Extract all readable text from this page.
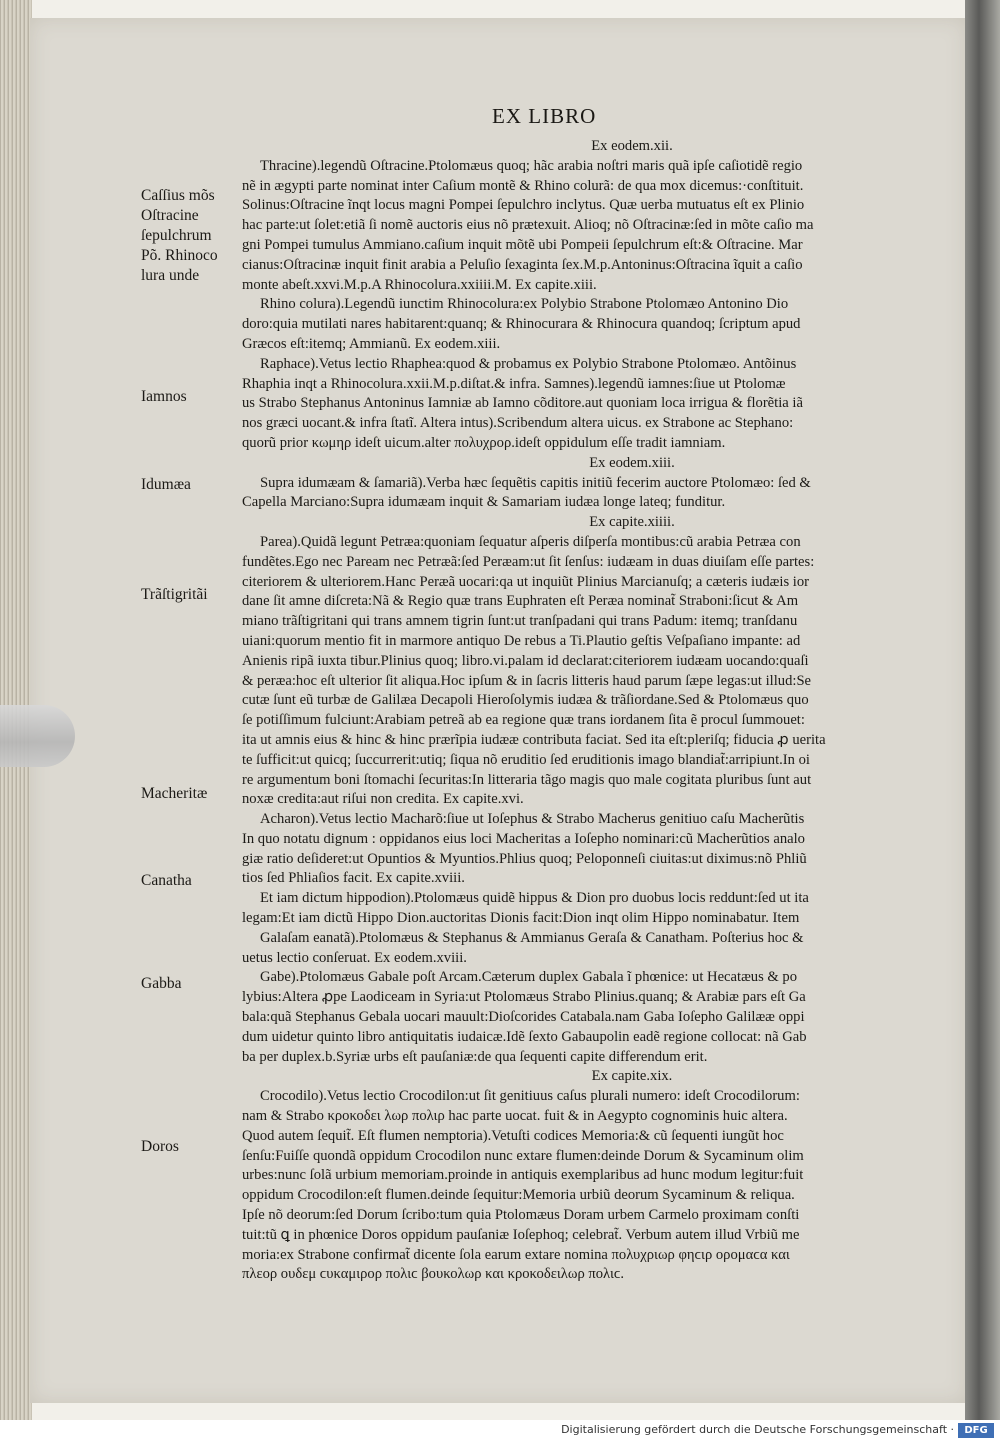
EX LIBRO

Ex eodem.xii.

Thracine).legendũ Oſtracine.Ptolomæus quoq; hãc arabia noſtri maris quã ipſe caſiotidẽ regio

nẽ in ægypti parte nominat inter Caſium montẽ & Rhino colurã: de qua mox dicemus:·conſtituit.

Solinus:Oſtracine ĩnqt locus magni Pompei ſepulchro inclytus. Quæ uerba mutuatus eſt ex Plinio

hac parte:ut ſolet:etiã ſi nomẽ auctoris eius nõ prætexuit. Alioq; nõ Oſtracinæ:ſed in mõte caſio ma

gni Pompei tumulus Ammiano.caſium inquit mõtẽ ubi Pompeii ſepulchrum eſt:& Oſtracine. Mar

cianus:Oſtracinæ inquit finit arabia a Peluſio ſexaginta ſex.M.p.Antoninus:Oſtracina ĩquit a caſio

monte abeſt.xxvi.M.p.A Rhinocolura.xxiiii.M. Ex capite.xiii.

Rhino colura).Legendũ iunctim Rhinocolura:ex Polybio Strabone Ptolomæo Antonino Dio

doro:quia mutilati nares habitarent:quanq; & Rhinocurara & Rhinocura quandoq; ſcriptum apud

Græcos eſt:itemq; Ammianũ. Ex eodem.xiii.

Raphace).Vetus lectio Rhaphea:quod & probamus ex Polybio Strabone Ptolomæo. Antõinus

Rhaphia inqt a Rhinocolura.xxii.M.p.diſtat.& infra. Samnes).legendũ iamnes:ſiue ut Ptolomæ

us Strabo Stephanus Antoninus Iamniæ ab Iamno cõditore.aut quoniam loca irrigua & florẽtia iã

nos græci uocant.& infra ſtatĩ. Altera intus).Scribendum altera uicus. ex Strabone ac Stephano:

quorũ prior κωμηρ ideſt uicum.alter πολυχρορ.ideſt oppidulum eſſe tradit iamniam.

Ex eodem.xiii.

Supra idumæam & ſamariã).Verba hæc ſequẽtis capitis initiũ fecerim auctore Ptolomæo: ſed &

Capella Marciano:Supra idumæam inquit & Samariam iudæa longe lateq; funditur.

Ex capite.xiiii.

Parea).Quidã legunt Petræa:quoniam ſequatur aſperis diſperſa montibus:cũ arabia Petræa con

fundẽtes.Ego nec Paream nec Petræã:ſed Peræam:ut ſit ſenſus: iudæam in duas diuiſam eſſe partes:

citeriorem & ulteriorem.Hanc Peræã uocari:qa ut inquiũt Plinius Marcianuſq; a cæteris iudæis ior

dane ſit amne diſcreta:Nã & Regio quæ trans Euphraten eſt Peræa nominat̃ Straboni:ſicut & Am

miano trãſtigritani qui trans amnem tigrin ſunt:ut tranſpadani qui trans Padum: itemq; tranſdanu

uiani:quorum mentio fit in marmore antiquo De rebus a Ti.Plautio geſtis Veſpaſiano impante: ad

Anienis ripã iuxta tibur.Plinius quoq; libro.vi.palam id declarat:citeriorem iudæam uocando:quaſi

& peræa:hoc eſt ulterior ſit aliqua.Hoc ipſum & in ſacris litteris haud parum ſæpe legas:ut illud:Se

cutæ ſunt eũ turbæ de Galilæa Decapoli Hieroſolymis iudæa & trãſiordane.Sed & Ptolomæus quo

ſe potiſſimum fulciunt:Arabiam petreã ab ea regione quæ trans iordanem ſita ẽ procul ſummouet:

ita ut amnis eius & hinc & hinc prærĩpia iudææ contributa faciat. Sed ita eſt:pleriſq; fiducia ꝓ uerita

te ſufficit:ut quicq; ſuccurrerit:utiq; ſiqua nõ eruditio ſed eruditionis imago blandiat̃:arripiunt.In oi

re argumentum boni ſtomachi ſecuritas:In litteraria tãgo magis quo male cogitata pluribus ſunt aut

noxæ credita:aut riſui non credita. Ex capite.xvi.

Acharon).Vetus lectio Macharõ:ſiue ut Ioſephus & Strabo Macherus genitiuo caſu Macherũtis

In quo notatu dignum : oppidanos eius loci Macheritas a Ioſepho nominari:cũ Macherũtios analo

giæ ratio deſideret:ut Opuntios & Myuntios.Phlius quoq; Peloponneſi ciuitas:ut diximus:nõ Phliũ

tios ſed Phliaſios facit. Ex capite.xviii.

Et iam dictum hippodion).Ptolomæus quidẽ hippus & Dion pro duobus locis reddunt:ſed ut ita

legam:Et iam dictũ Hippo Dion.auctoritas Dionis facit:Dion inqt olim Hippo nominabatur. Item

Galaſam eanatã).Ptolomæus & Stephanus & Ammianus Geraſa & Canatham. Poſterius hoc &

uetus lectio conſeruat. Ex eodem.xviii.

Gabe).Ptolomæus Gabale poſt Arcam.Cæterum duplex Gabala ĩ phœnice: ut Hecatæus & po

lybius:Altera ꝓpe Laodiceam in Syria:ut Ptolomæus Strabo Plinius.quanq; & Arabiæ pars eſt Ga

bala:quã Stephanus Gebala uocari mauult:Dioſcorides Catabala.nam Gaba Ioſepho Galilææ oppi

dum uidetur quinto libro antiquitatis iudaicæ.Idẽ ſexto Gabaupolin eadẽ regione collocat: nã Gab

ba per duplex.b.Syriæ urbs eſt pauſaniæ:de qua ſequenti capite differendum erit.

Ex capite.xix.

Crocodilo).Vetus lectio Crocodilon:ut ſit genitiuus caſus plurali numero: ideſt Crocodilorum:

nam & Strabo κροκοδει λωρ πολιρ hac parte uocat. fuit & in Aegypto cognominis huic altera.

Quod autem ſequit̃. Eſt flumen nemptoria).Vetuſti codices Memoria:& cũ ſequenti iungũt hoc

ſenſu:Fuiſſe quondã oppidum Crocodilon nunc extare flumen:deinde Dorum & Sycaminum olim

urbes:nunc ſolã urbium memoriam.proinde in antiquis exemplaribus ad hunc modum legitur:fuit

oppidum Crocodilon:eſt flumen.deinde ſequitur:Memoria urbiũ deorum Sycaminum & reliqua.

Ipſe nõ deorum:ſed Dorum ſcribo:tum quia Ptolomæus Doram urbem Carmelo proximam conſti

tuit:tũ ꝗ in phœnice Doros oppidum pauſaniæ Ioſephoq; celebrat̃. Verbum autem illud Vrbiũ me

moria:ex Strabone confirmat̃ dicente ſola earum extare nomina πολυχριωρ φηϲιρ ορομαϲα και

πλεορ ουδεμ ϲυκαμιρορ πολιϲ βουκολωρ και κροκοδειλωρ πολιϲ.

Caſſius mõs
Oſtracine
ſepulchrum
Põ. Rhinoco
lura unde
Iamnos
Idumæa
Trãſtigritãi
Macheritæ
Canatha
Gabba
Doros
Digitalisierung gefördert durch die Deutsche Forschungsgemeinschaft ·	DFG
